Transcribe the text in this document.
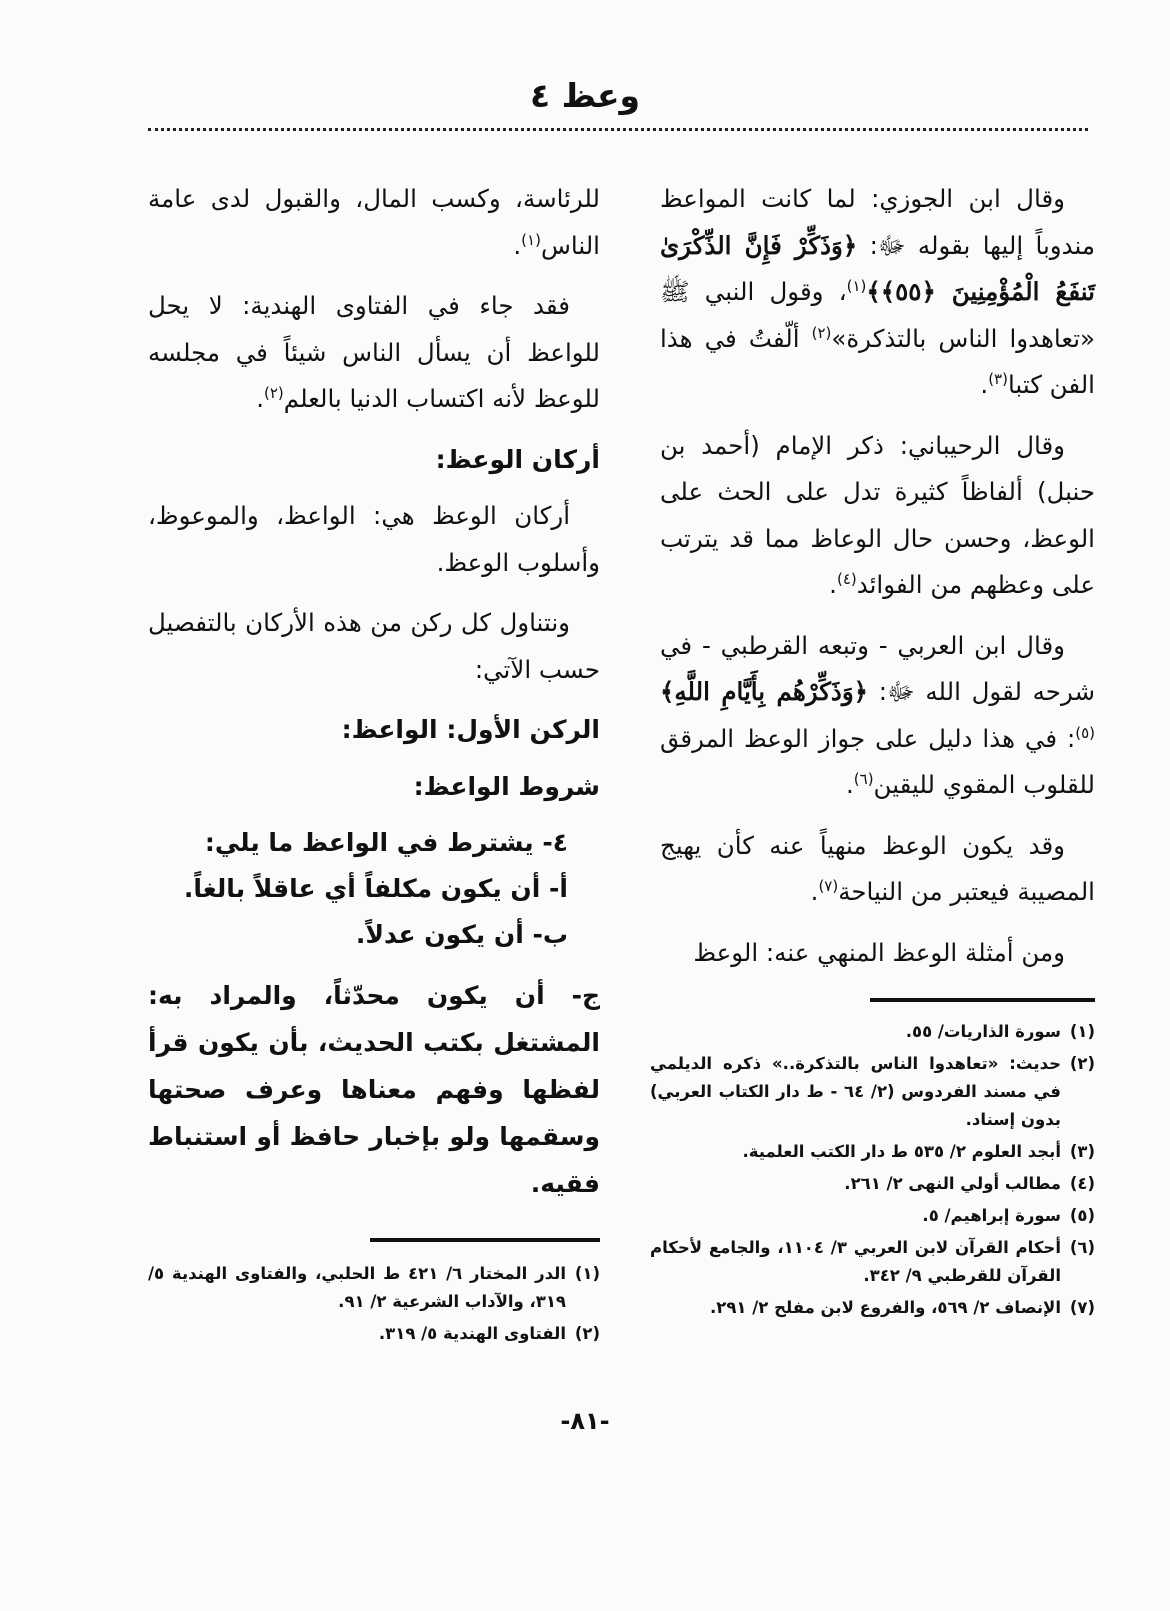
وعظ ٤

وقال ابن الجوزي: لما كانت المواعظ مندوباً إليها بقوله ﷻ: ﴿وَذَكِّرْ فَإِنَّ الذِّكْرَىٰ تَنفَعُ الْمُؤْمِنِينَ ﴿٥٥﴾﴾$^{(١)}$، وقول النبي ﷺ «تعاهدوا الناس بالتذكرة»$^{(٢)}$ ألّفتُ في هذا الفن كتبا$^{(٣)}$.

وقال الرحيباني: ذكر الإمام (أحمد بن حنبل) ألفاظاً كثيرة تدل على الحث على الوعظ، وحسن حال الوعاظ مما قد يترتب على وعظهم من الفوائد$^{(٤)}$.

وقال ابن العربي - وتبعه القرطبي - في شرحه لقول الله ﷻ: ﴿وَذَكِّرْهُم بِأَيَّامِ اللَّهِ﴾$^{(٥)}$: في هذا دليل على جواز الوعظ المرقق للقلوب المقوي لليقين$^{(٦)}$.

وقد يكون الوعظ منهياً عنه كأن يهيج المصيبة فيعتبر من النياحة$^{(٧)}$.

ومن أمثلة الوعظ المنهي عنه: الوعظ

للرئاسة، وكسب المال، والقبول لدى عامة الناس$^{(١)}$.

فقد جاء في الفتاوى الهندية: لا يحل للواعظ أن يسأل الناس شيئاً في مجلسه للوعظ لأنه اكتساب الدنيا بالعلم$^{(٢)}$.

أركان الوعظ:

أركان الوعظ هي: الواعظ، والموعوظ، وأسلوب الوعظ.

ونتناول كل ركن من هذه الأركان بالتفصيل حسب الآتي:

الركن الأول: الواعظ:
شروط الواعظ:
٤- يشترط في الواعظ ما يلي:
أ- أن يكون مكلفاً أي عاقلاً بالغاً.
ب- أن يكون عدلاً.

ج- أن يكون محدّثاً، والمراد به: المشتغل بكتب الحديث، بأن يكون قرأ لفظها وفهم معناها وعرف صحتها وسقمها ولو بإخبار حافظ أو استنباط فقيه.

(١)
سورة الذاريات/ ٥٥.
(٢)
حديث: «تعاهدوا الناس بالتذكرة..» ذكره الديلمي في مسند الفردوس (٢/ ٦٤ - ط دار الكتاب العربي) بدون إسناد.
(٣)
أبجد العلوم ٢/ ٥٣٥ ط دار الكتب العلمية.
(٤)
مطالب أولي النهى ٢/ ٢٦١.
(٥)
سورة إبراهيم/ ٥.
(٦)
أحكام القرآن لابن العربي ٣/ ١١٠٤، والجامع لأحكام القرآن للقرطبي ٩/ ٣٤٢.
(٧)
الإنصاف ٢/ ٥٦٩، والفروع لابن مفلح ٢/ ٢٩١.
(١)
الدر المختار ٦/ ٤٢١ ط الحلبي، والفتاوى الهندية ٥/ ٣١٩، والآداب الشرعية ٢/ ٩١.
(٢)
الفتاوى الهندية ٥/ ٣١٩.
-٨١-
